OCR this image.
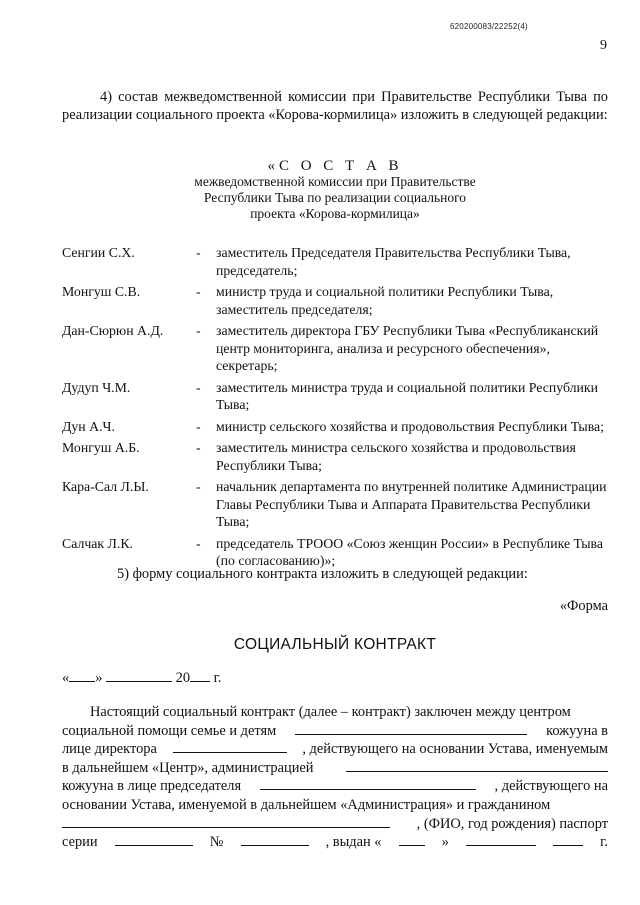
620200083/22252(4)
9
4) состав межведомственной комиссии при Правительстве Республики Тыва по реализации социального проекта «Корова-кормилица» изложить в следующей редакции:
«С О С Т А В
межведомственной комиссии при Правительстве
Республики Тыва по реализации социального
проекта «Корова-кормилица»
Сенгии С.Х.	-	заместитель Председателя Правительства Республики Тыва, председатель;
Монгуш С.В.	-	министр труда и социальной политики Республики Тыва, заместитель председателя;
Дан-Сюрюн А.Д.	-	заместитель директора ГБУ Республики Тыва «Республиканский центр мониторинга, анализа и ресурсного обеспечения», секретарь;
Дудуп Ч.М.	-	заместитель министра труда и социальной политики Республики Тыва;
Дун А.Ч.	-	министр сельского хозяйства и продовольствия Республики Тыва;
Монгуш А.Б.	-	заместитель министра сельского хозяйства и продовольствия Республики Тыва;
Кара-Сал Л.Ы.	-	начальник департамента по внутренней политике Администрации Главы Республики Тыва и Аппарата Правительства Республики Тыва;
Салчак Л.К.	-	председатель ТРООО «Союз женщин России» в Республике Тыва (по согласованию)»;
5) форму социального контракта изложить в следующей редакции:
«Форма
СОЦИАЛЬНЫЙ КОНТРАКТ
« »	20 г.
Настоящий социальный контракт (далее – контракт) заключен между центром
социальной помощи семье и детям	кожууна в
лице директора	, действующего на основании Устава, именуемым
в дальнейшем «Центр», администрацией
кожууна в лице председателя	, действующего на
основании Устава, именуемой в дальнейшем «Администрация» и гражданином
, (ФИО, год рождения) паспорт
серии	№	, выдан «	»	г.
